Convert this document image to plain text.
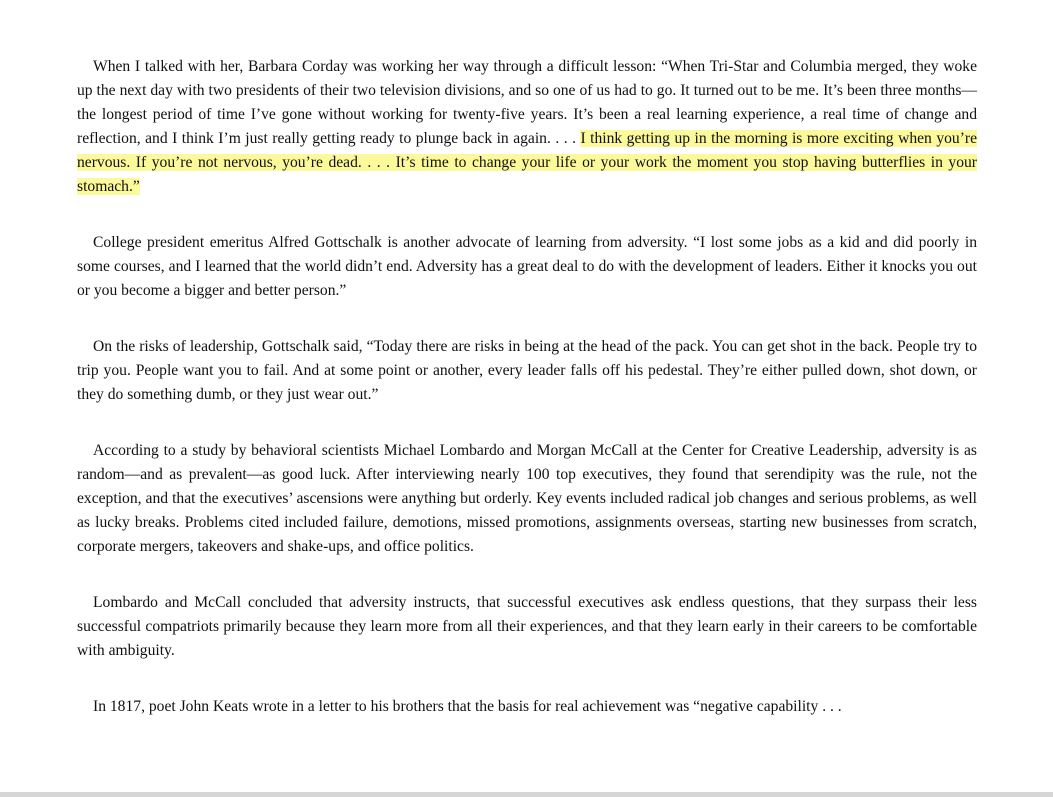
When I talked with her, Barbara Corday was working her way through a difficult lesson: “When Tri-Star and Columbia merged, they woke up the next day with two presidents of their two television divisions, and so one of us had to go. It turned out to be me. It’s been three months—the longest period of time I’ve gone without working for twenty-five years. It’s been a real learning experience, a real time of change and reflection, and I think I’m just really getting ready to plunge back in again. . . . I think getting up in the morning is more exciting when you’re nervous. If you’re not nervous, you’re dead. . . . It’s time to change your life or your work the moment you stop having butterflies in your stomach.”

College president emeritus Alfred Gottschalk is another advocate of learning from adversity. “I lost some jobs as a kid and did poorly in some courses, and I learned that the world didn’t end. Adversity has a great deal to do with the development of leaders. Either it knocks you out or you become a bigger and better person.”

On the risks of leadership, Gottschalk said, “Today there are risks in being at the head of the pack. You can get shot in the back. People try to trip you. People want you to fail. And at some point or another, every leader falls off his pedestal. They’re either pulled down, shot down, or they do something dumb, or they just wear out.”

According to a study by behavioral scientists Michael Lombardo and Morgan McCall at the Center for Creative Leadership, adversity is as random—and as prevalent—as good luck. After interviewing nearly 100 top executives, they found that serendipity was the rule, not the exception, and that the executives’ ascensions were anything but orderly. Key events included radical job changes and serious problems, as well as lucky breaks. Problems cited included failure, demotions, missed promotions, assignments overseas, starting new businesses from scratch, corporate mergers, takeovers and shake-ups, and office politics.

Lombardo and McCall concluded that adversity instructs, that successful executives ask endless questions, that they surpass their less successful compatriots primarily because they learn more from all their experiences, and that they learn early in their careers to be comfortable with ambiguity.

In 1817, poet John Keats wrote in a letter to his brothers that the basis for real achievement was “negative capability . . .
